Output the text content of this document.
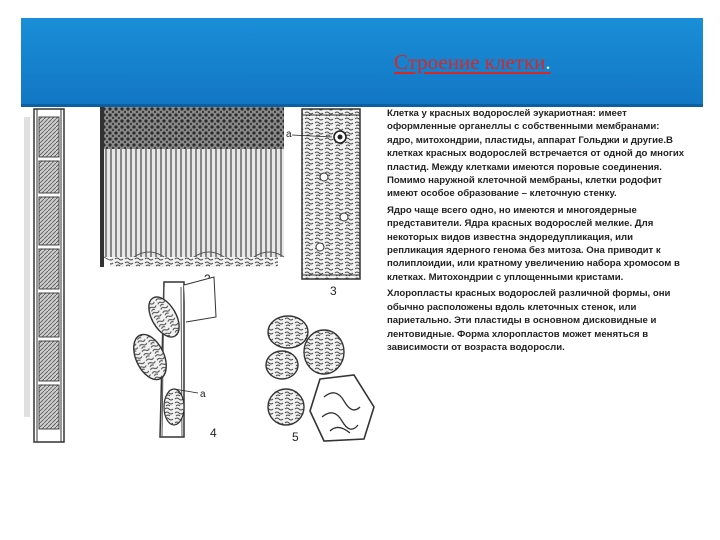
Строение клетки.
а
3
а
4	5

Клетка у красных водорослей эукариотная: имеет оформленные органеллы с собственными мембранами: ядро, митохондрии, пластиды, аппарат Гольджи и другие.В клетках красных водорослей встречается от одной до многих пластид. Между клетками имеются поровые соединения. Помимо наружной клеточной мембраны, клетки родофит имеют особое образование – клеточную стенку.

Ядро чаще всего одно, но имеются и многоядерные представители. Ядра красных водорослей мелкие. Для некоторых видов известна эндоредупликация, или репликация ядерного генома без митоза. Она приводит к полиплоидии, или кратному увеличению набора хромосом в клетках. Митохондрии с уплощенными кристами.

Хлоропласты красных водорослей различной формы, они обычно расположены вдоль клеточных стенок, или париетально. Эти пластиды в основном дисковидные и лентовидные. Форма хлоропластов может меняться в зависимости от возраста водоросли.
